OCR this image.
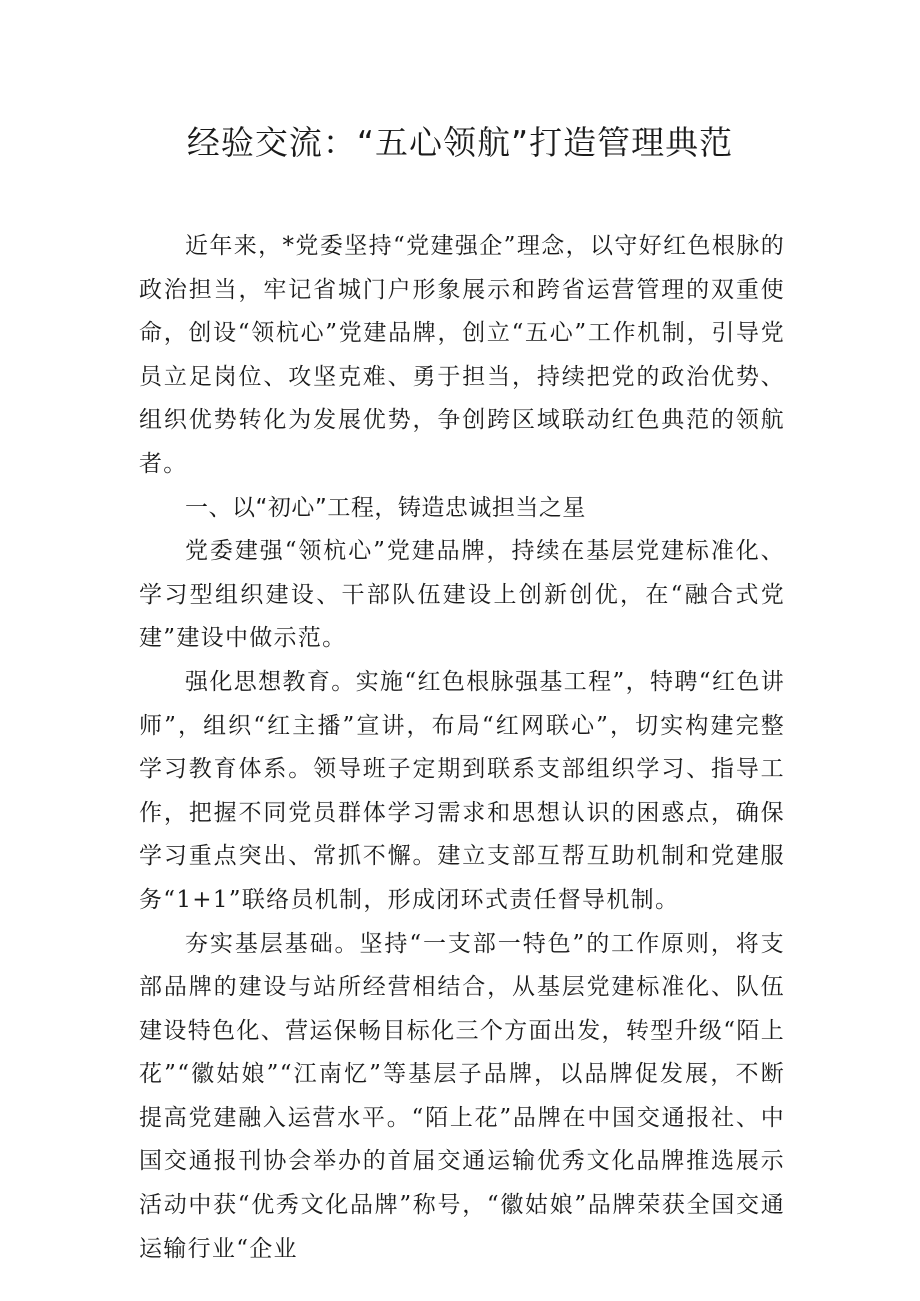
经验交流：“五心领航”打造管理典范

近年来，*党委坚持“党建强企”理念，以守好红色根脉的政治担当，牢记省城门户形象展示和跨省运营管理的双重使命，创设“领杭心”党建品牌，创立“五心”工作机制，引导党员立足岗位、攻坚克难、勇于担当，持续把党的政治优势、组织优势转化为发展优势，争创跨区域联动红色典范的领航者。

一、以“初心”工程，铸造忠诚担当之星

党委建强“领杭心”党建品牌，持续在基层党建标准化、学习型组织建设、干部队伍建设上创新创优，在“融合式党建”建设中做示范。

强化思想教育。实施“红色根脉强基工程”，特聘“红色讲师”，组织“红主播”宣讲，布局“红网联心”，切实构建完整学习教育体系。领导班子定期到联系支部组织学习、指导工作，把握不同党员群体学习需求和思想认识的困惑点，确保学习重点突出、常抓不懈。建立支部互帮互助机制和党建服务“1+1”联络员机制，形成闭环式责任督导机制。

夯实基层基础。坚持“一支部一特色”的工作原则，将支部品牌的建设与站所经营相结合，从基层党建标准化、队伍建设特色化、营运保畅目标化三个方面出发，转型升级“陌上花”“徽姑娘”“江南忆”等基层子品牌，以品牌促发展，不断提高党建融入运营水平。“陌上花”品牌在中国交通报社、中国交通报刊协会举办的首届交通运输优秀文化品牌推选展示活动中获“优秀文化品牌”称号，“徽姑娘”品牌荣获全国交通运输行业“企业
